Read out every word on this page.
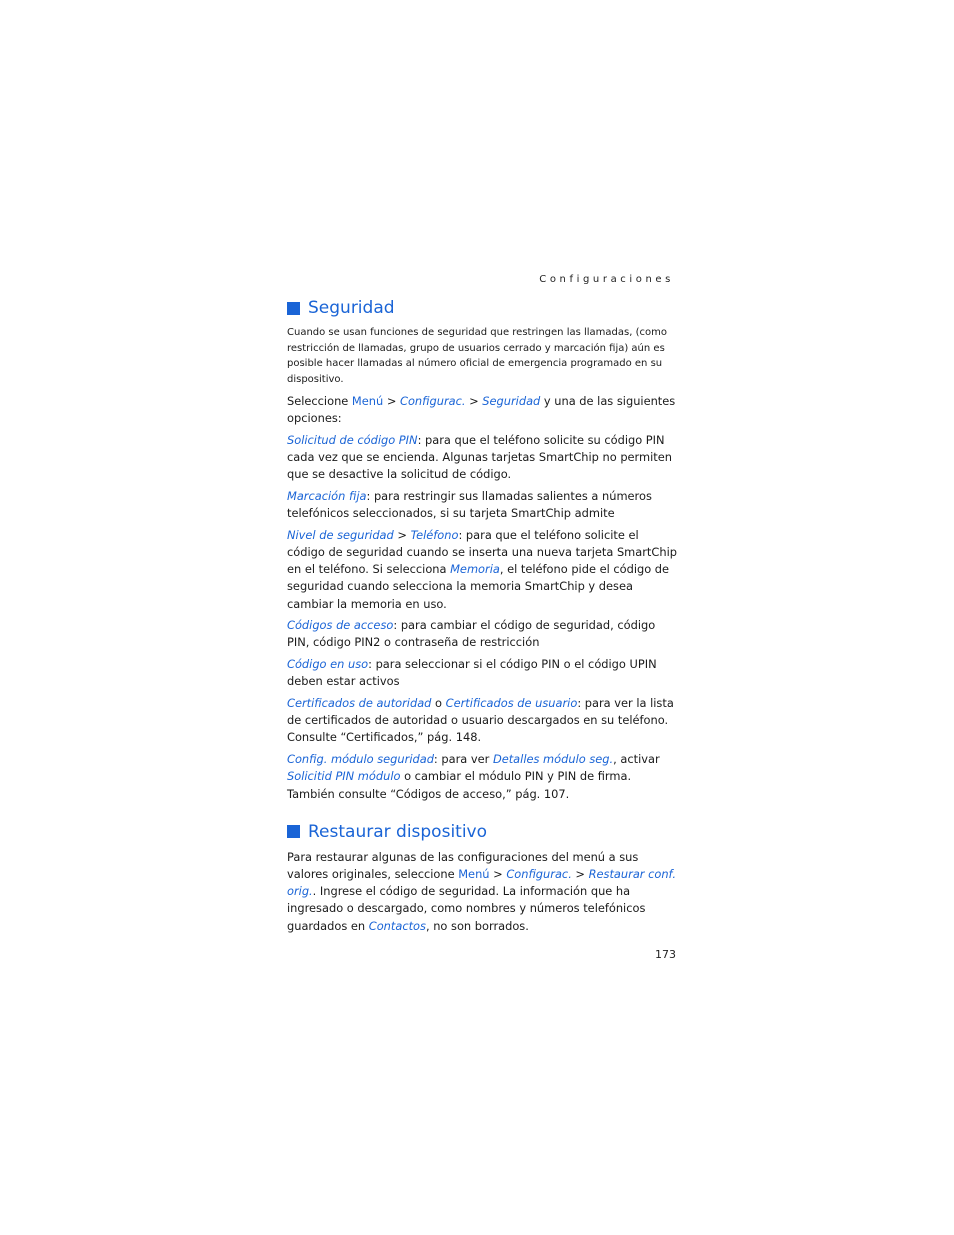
Configuraciones
Seguridad

Cuando se usan funciones de seguridad que restringen las llamadas, (como restricción de llamadas, grupo de usuarios cerrado y marcación fija) aún es posible hacer llamadas al número oficial de emergencia programado en su dispositivo.

Seleccione Menú > Configurac. > Seguridad y una de las siguientes opciones:

Solicitud de código PIN: para que el teléfono solicite su código PIN cada vez que se encienda. Algunas tarjetas SmartChip no permiten que se desactive la solicitud de código.

Marcación fija: para restringir sus llamadas salientes a números telefónicos seleccionados, si su tarjeta SmartChip admite

Nivel de seguridad > Teléfono: para que el teléfono solicite el código de seguridad cuando se inserta una nueva tarjeta SmartChip en el teléfono. Si selecciona Memoria, el teléfono pide el código de seguridad cuando selecciona la memoria SmartChip y desea cambiar la memoria en uso.

Códigos de acceso: para cambiar el código de seguridad, código PIN, código PIN2 o contraseña de restricción

Código en uso: para seleccionar si el código PIN o el código UPIN deben estar activos

Certificados de autoridad o Certificados de usuario: para ver la lista de certificados de autoridad o usuario descargados en su teléfono. Consulte “Certificados,” pág. 148.

Config. módulo seguridad: para ver Detalles módulo seg., activar Solicitid PIN módulo o cambiar el módulo PIN y PIN de firma. También consulte “Códigos de acceso,” pág. 107.

Restaurar dispositivo

Para restaurar algunas de las configuraciones del menú a sus valores originales, seleccione Menú > Configurac. > Restaurar conf. orig.. Ingrese el código de seguridad. La información que ha ingresado o descargado, como nombres y números telefónicos guardados en Contactos, no son borrados.

173
